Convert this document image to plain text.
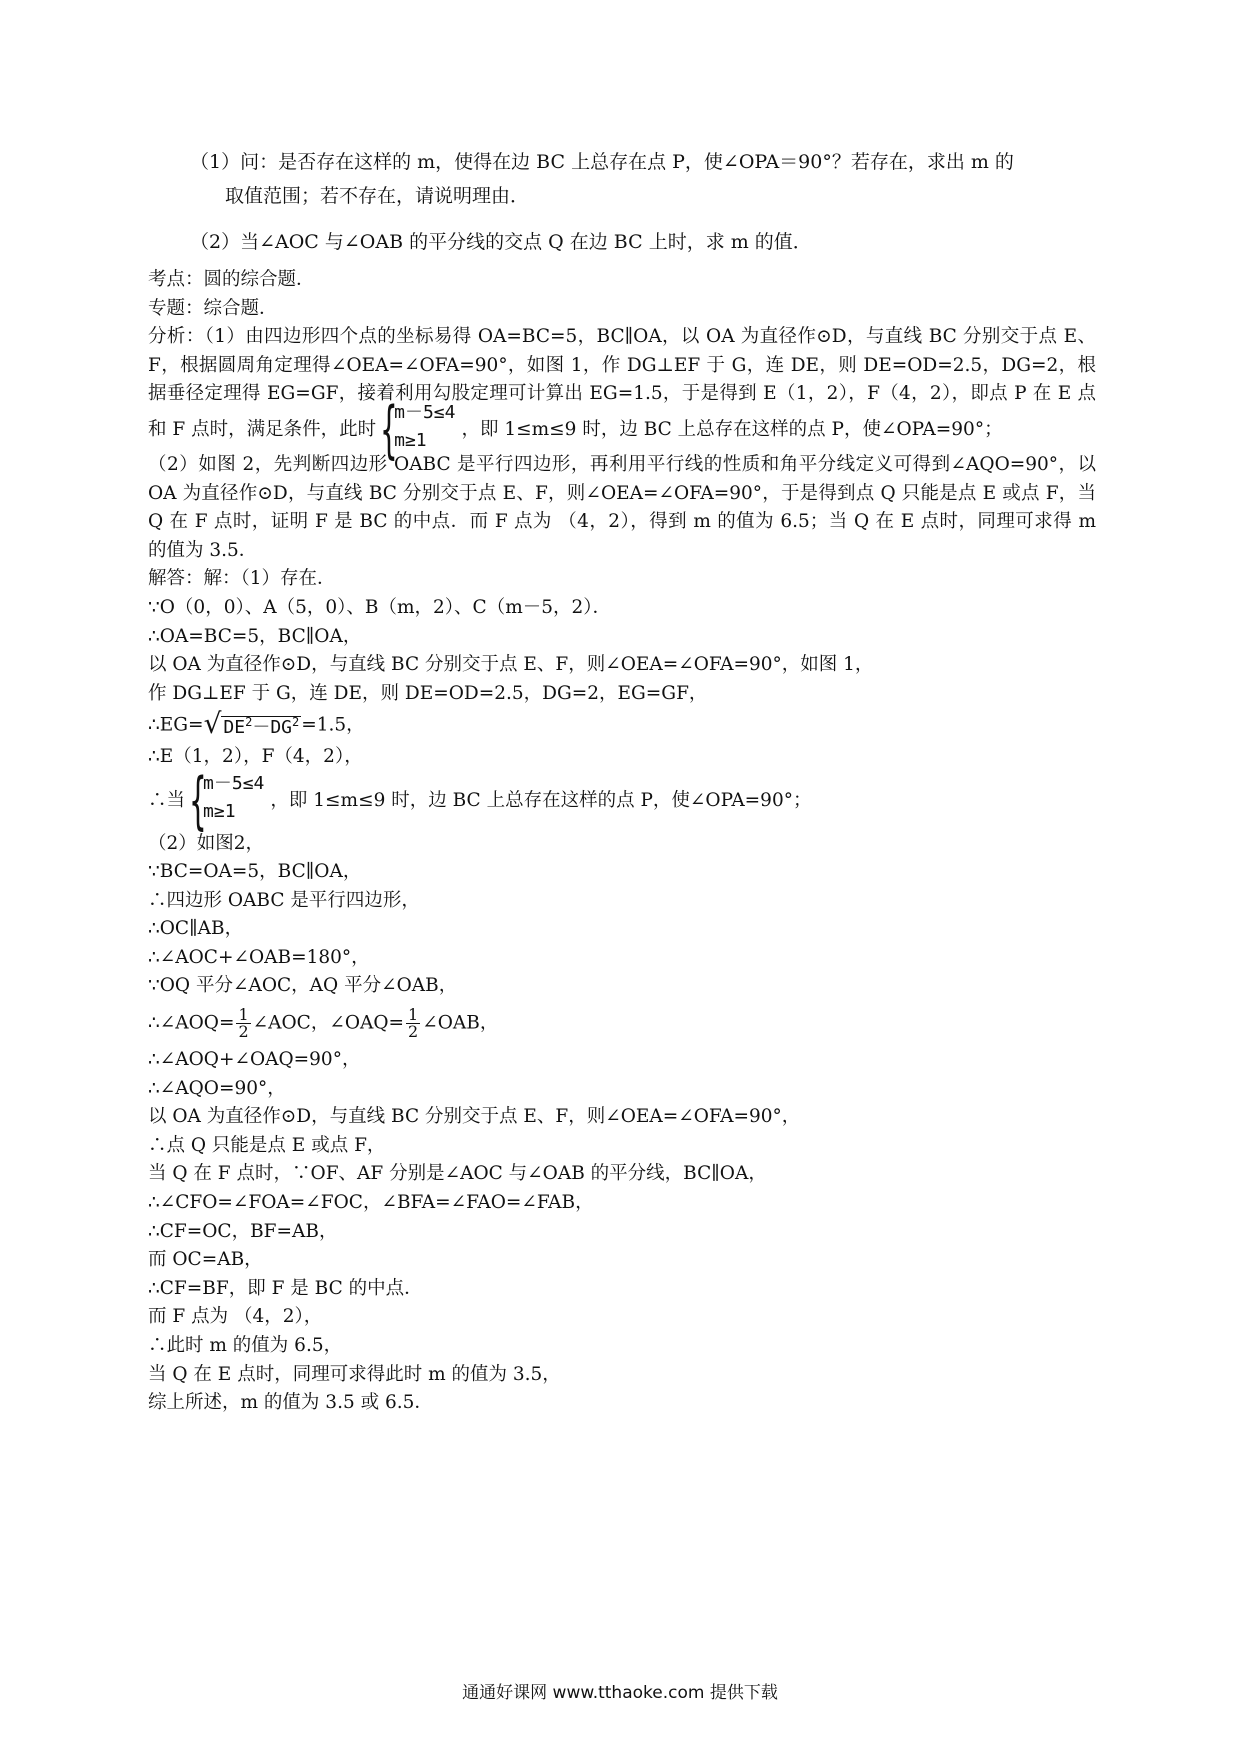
（1）问：是否存在这样的 m，使得在边 BC 上总存在点 P，使∠OPA＝90°？若存在，求出 m 的
取值范围；若不存在，请说明理由．
（2）当∠AOC 与∠OAB 的平分线的交点 Q 在边 BC 上时，求 m 的值．

考点：圆的综合题．

专题：综合题．

分析：（1）由四边形四个点的坐标易得 OA=BC=5，BC∥OA，以 OA 为直径作⊙D，与直线 BC 分别交于点 E、F，根据圆周角定理得∠OEA=∠OFA=90°，如图 1，作 DG⊥EF 于 G，连 DE，则 DE=OD=2.5，DG=2，根据垂径定理得 EG=GF，接着利用勾股定理可计算出 EG=1.5，于是得到 E（1，2），F（4，2），即点 P 在 E 点和 F 点时，满足条件，此时 {
m－5≤4
m≥1
，即 1≤m≤9 时，边 BC 上总存在这样的点 P，使∠OPA=90°；

（2）如图 2，先判断四边形 OABC 是平行四边形，再利用平行线的性质和角平分线定义可得到∠AQO=90°，以 OA 为直径作⊙D，与直线 BC 分别交于点 E、F，则∠OEA=∠OFA=90°，于是得到点 Q 只能是点 E 或点 F，当 Q 在 F 点时，证明 F 是 BC 的中点．而 F 点为 （4，2），得到 m 的值为 6.5；当 Q 在 E 点时，同理可求得 m 的值为 3.5．

解答：解：（1）存在．

∵O（0，0）、A（5，0）、B（m，2）、C（m－5，2）．

∴OA=BC=5，BC∥OA，

以 OA 为直径作⊙D，与直线 BC 分别交于点 E、F，则∠OEA=∠OFA=90°，如图 1，

作 DG⊥EF 于 G，连 DE，则 DE=OD=2.5，DG=2，EG=GF，

∴EG=√ $DE^2-DG^2 =1.5$，

∴E（1，2），F（4，2），

∴当 {
m－5≤4
m≥1
，即 1≤m≤9 时，边 BC 上总存在这样的点 P，使∠OPA=90°；

（2）如图2，

∵BC=OA=5，BC∥OA，

∴四边形 OABC 是平行四边形，

∴OC∥AB，

∴∠AOC+∠OAB=180°，

∵OQ 平分∠AOC，AQ 平分∠OAB，

∴∠AOQ= $\frac{1}{2}$ ∠AOC，∠OAQ= $\frac{1}{2}$ ∠OAB，

∴∠AOQ+∠OAQ=90°，

∴∠AQO=90°，

以 OA 为直径作⊙D，与直线 BC 分别交于点 E、F，则∠OEA=∠OFA=90°，

∴点 Q 只能是点 E 或点 F，

当 Q 在 F 点时，∵OF、AF 分别是∠AOC 与∠OAB 的平分线，BC∥OA，

∴∠CFO=∠FOA=∠FOC，∠BFA=∠FAO=∠FAB，

∴CF=OC，BF=AB，

而 OC=AB，

∴CF=BF，即 F 是 BC 的中点．

而 F 点为 （4，2），

∴此时 m 的值为 6.5，

当 Q 在 E 点时，同理可求得此时 m 的值为 3.5，

综上所述，m 的值为 3.5 或 6.5．

通通好课网 www.tthaoke.com 提供下载
